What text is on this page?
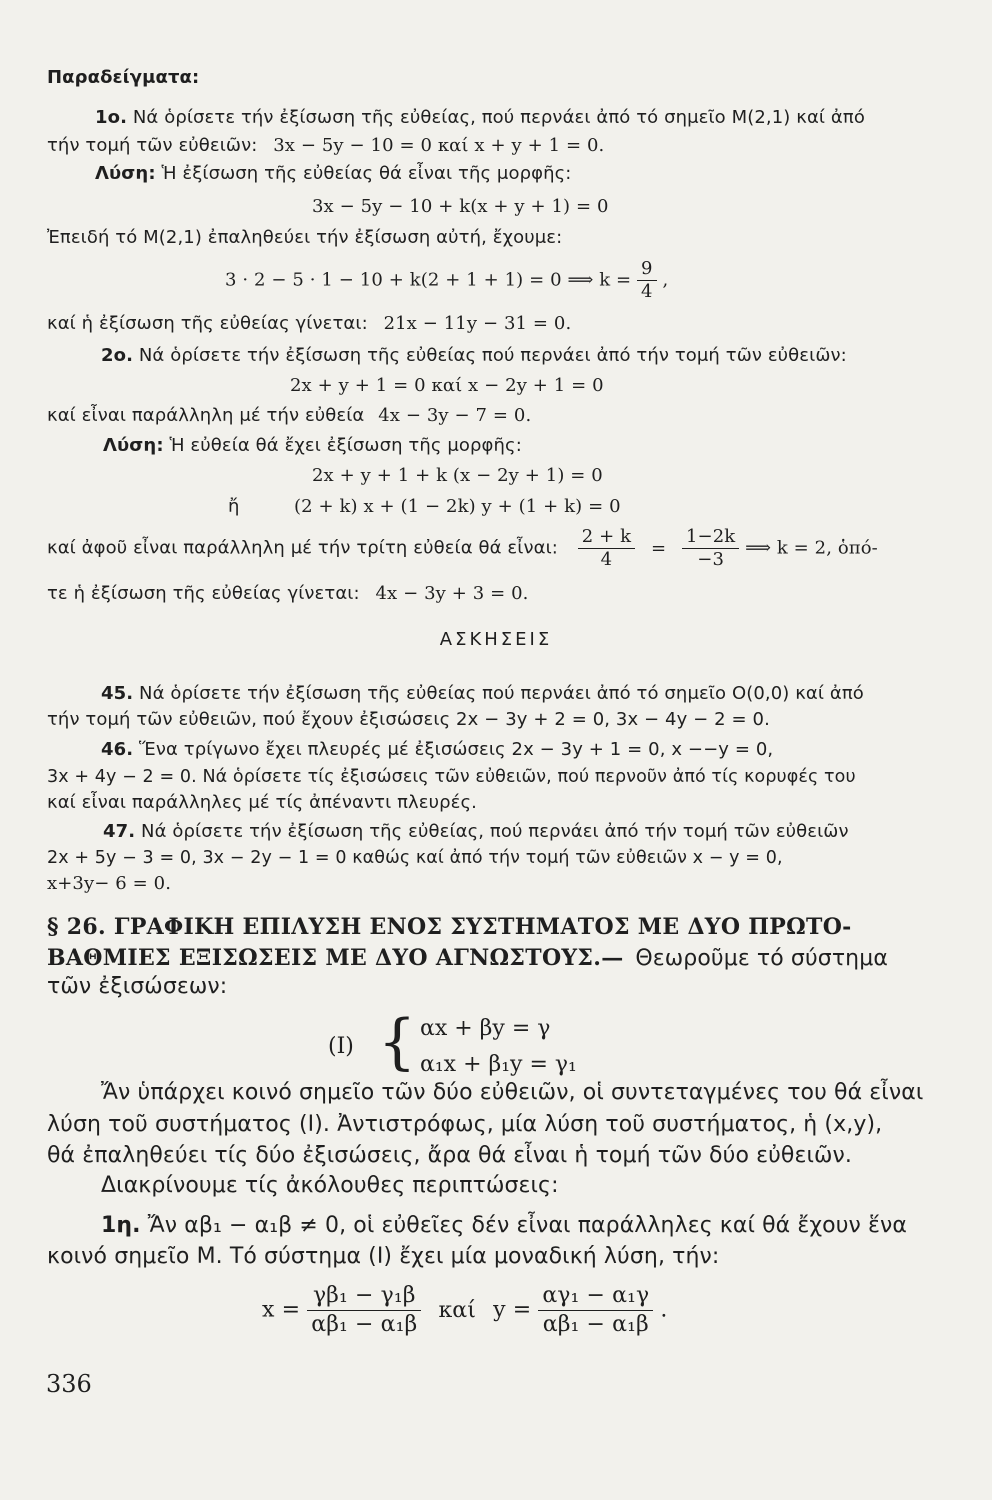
Παραδείγματα:
1ο. Νά ὁρίσετε τήν ἐξίσωση τῆς εὐθείας, πού περνάει ἀπό τό σημεῖο Μ(2,1) καί ἀπό
τήν τομή τῶν εὐθειῶν: 3x − 5y − 10 = 0 καί x + y + 1 = 0.
Λύση: Ἡ ἐξίσωση τῆς εὐθείας θά εἶναι τῆς μορφῆς:
3x − 5y − 10 + k(x + y + 1) = 0
Ἐπειδή τό Μ(2,1) ἐπαληθεύει τήν ἐξίσωση αὐτή, ἔχουμε:
3 · 2 − 5 · 1 − 10 + k(2 + 1 + 1) = 0 ⟹ $k = \frac{9}{4}$ ,
καί ἡ ἐξίσωση τῆς εὐθείας γίνεται: 21x − 11y − 31 = 0.
2ο. Νά ὁρίσετε τήν ἐξίσωση τῆς εὐθείας πού περνάει ἀπό τήν τομή τῶν εὐθειῶν:
2x + y + 1 = 0 καί x − 2y + 1 = 0
καί εἶναι παράλληλη μέ τήν εὐθεία 4x − 3y − 7 = 0.
Λύση: Ἡ εὐθεία θά ἔχει ἐξίσωση τῆς μορφῆς:
2x + y + 1 + k (x − 2y + 1) = 0
ἤ	(2 + k) x + (1 − 2k) y + (1 + k) = 0
καί ἀφοῦ εἶναι παράλληλη μέ τήν τρίτη εὐθεία θά εἶναι: $\frac{2 + k}{4} = \frac{1-2k}{-3}$ ⟹ k = 2, ὁπό-
τε ἡ ἐξίσωση τῆς εὐθείας γίνεται: 4x − 3y + 3 = 0.
ΑΣΚΗΣΕΙΣ
45. Νά ὁρίσετε τήν ἐξίσωση τῆς εὐθείας πού περνάει ἀπό τό σημεῖο Ο(0,0) καί ἀπό
τήν τομή τῶν εὐθειῶν, πού ἔχουν ἐξισώσεις 2x − 3y + 2 = 0, 3x − 4y − 2 = 0.
46. Ἕνα τρίγωνο ἔχει πλευρές μέ ἐξισώσεις 2x − 3y + 1 = 0, x −−y = 0,
3x + 4y − 2 = 0. Νά ὁρίσετε τίς ἐξισώσεις τῶν εὐθειῶν, πού περνοῦν ἀπό τίς κορυφές του
καί εἶναι παράλληλες μέ τίς ἀπέναντι πλευρές.
47. Νά ὁρίσετε τήν ἐξίσωση τῆς εὐθείας, πού περνάει ἀπό τήν τομή τῶν εὐθειῶν
2x + 5y − 3 = 0, 3x − 2y − 1 = 0 καθώς καί ἀπό τήν τομή τῶν εὐθειῶν x − y = 0,
x+3y− 6 = 0.
§ 26. ΓΡΑΦΙΚΗ ΕΠΙΛΥΣΗ ΕΝΟΣ ΣΥΣΤΗΜΑΤΟΣ ΜΕ ΔΥΟ ΠΡΩΤΟ-
ΒΑΘΜΙΕΣ ΕΞΙΣΩΣΕΙΣ ΜΕ ΔΥΟ ΑΓΝΩΣΤΟΥΣ.— Θεωροῦμε τό σύστημα
τῶν ἐξισώσεων:
(Ι) { αx + βy = γ
α₁x + β₁y = γ₁
Ἄν ὑπάρχει κοινό σημεῖο τῶν δύο εὐθειῶν, οἱ συντεταγμένες του θά εἶναι
λύση τοῦ συστήματος (Ι). Ἀντιστρόφως, μία λύση τοῦ συστήματος, ἡ (x,y),
θά ἐπαληθεύει τίς δύο ἐξισώσεις, ἄρα θά εἶναι ἡ τομή τῶν δύο εὐθειῶν.
Διακρίνουμε τίς ἀκόλουθες περιπτώσεις:
1η. Ἄν αβ₁ − α₁β ≠ 0, οἱ εὐθεῖες δέν εἶναι παράλληλες καί θά ἔχουν ἕνα
κοινό σημεῖο Μ. Τό σύστημα (Ι) ἔχει μία μοναδική λύση, τήν:
$x = \frac{\text{γβ₁ − γ₁β}}{\text{αβ₁ − α₁β}}$ καί $y = \frac{\text{αγ₁ − α₁γ}}{\text{αβ₁ − α₁β}}$ .
336
